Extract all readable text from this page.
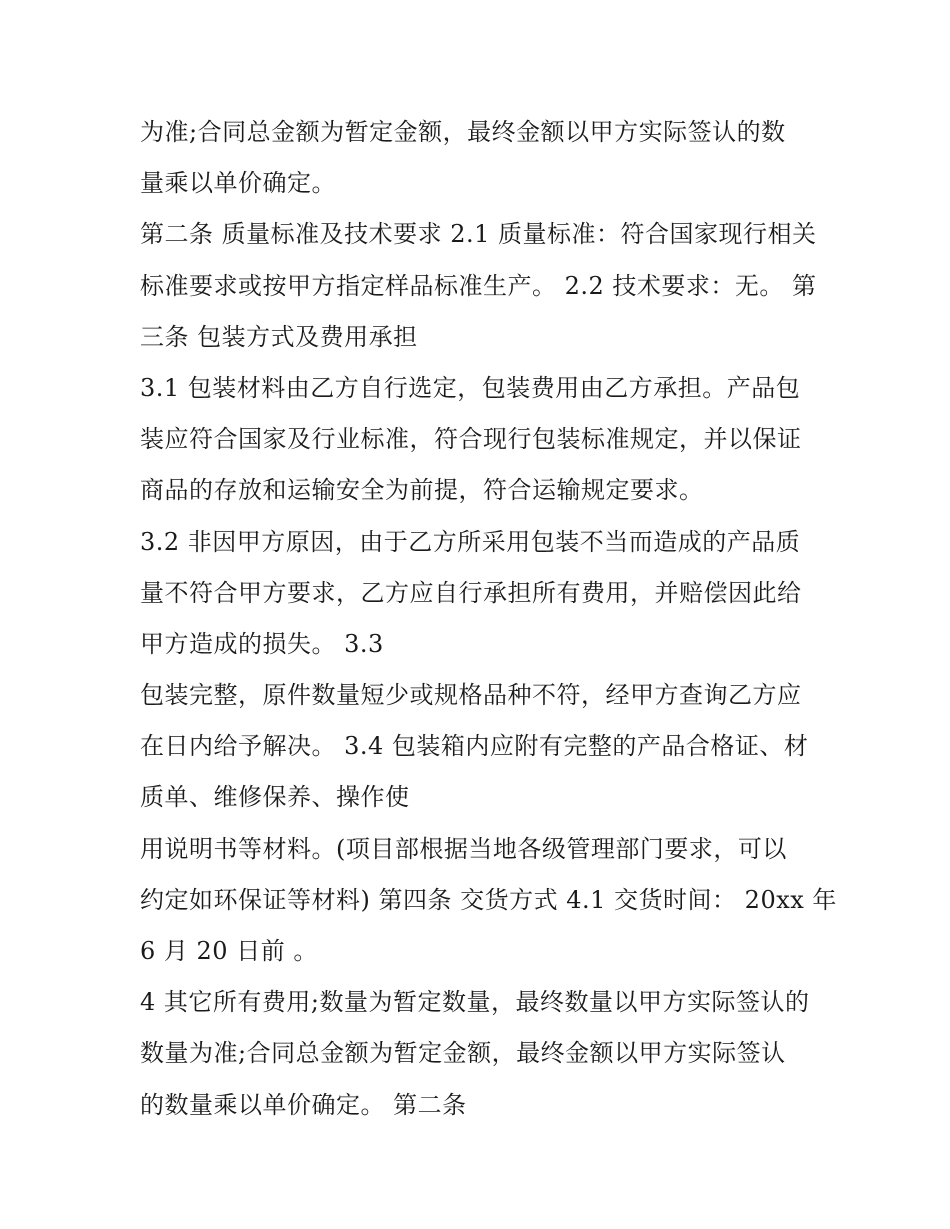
为准;合同总金额为暂定金额，最终金额以甲方实际签认的数
量乘以单价确定。
第二条 质量标准及技术要求 2.1 质量标准：符合国家现行相关
标准要求或按甲方指定样品标准生产。 2.2 技术要求：无。 第
三条 包装方式及费用承担
3.1 包装材料由乙方自行选定，包装费用由乙方承担。产品包
装应符合国家及行业标准，符合现行包装标准规定，并以保证
商品的存放和运输安全为前提，符合运输规定要求。
3.2 非因甲方原因，由于乙方所采用包装不当而造成的产品质
量不符合甲方要求，乙方应自行承担所有费用，并赔偿因此给
甲方造成的损失。 3.3
包装完整，原件数量短少或规格品种不符，经甲方查询乙方应
在日内给予解决。 3.4 包装箱内应附有完整的产品合格证、材
质单、维修保养、操作使
用说明书等材料。(项目部根据当地各级管理部门要求，可以
约定如环保证等材料) 第四条 交货方式 4.1 交货时间： 20xx 年
6 月 20 日前 。
4 其它所有费用;数量为暂定数量，最终数量以甲方实际签认的
数量为准;合同总金额为暂定金额，最终金额以甲方实际签认
的数量乘以单价确定。 第二条
